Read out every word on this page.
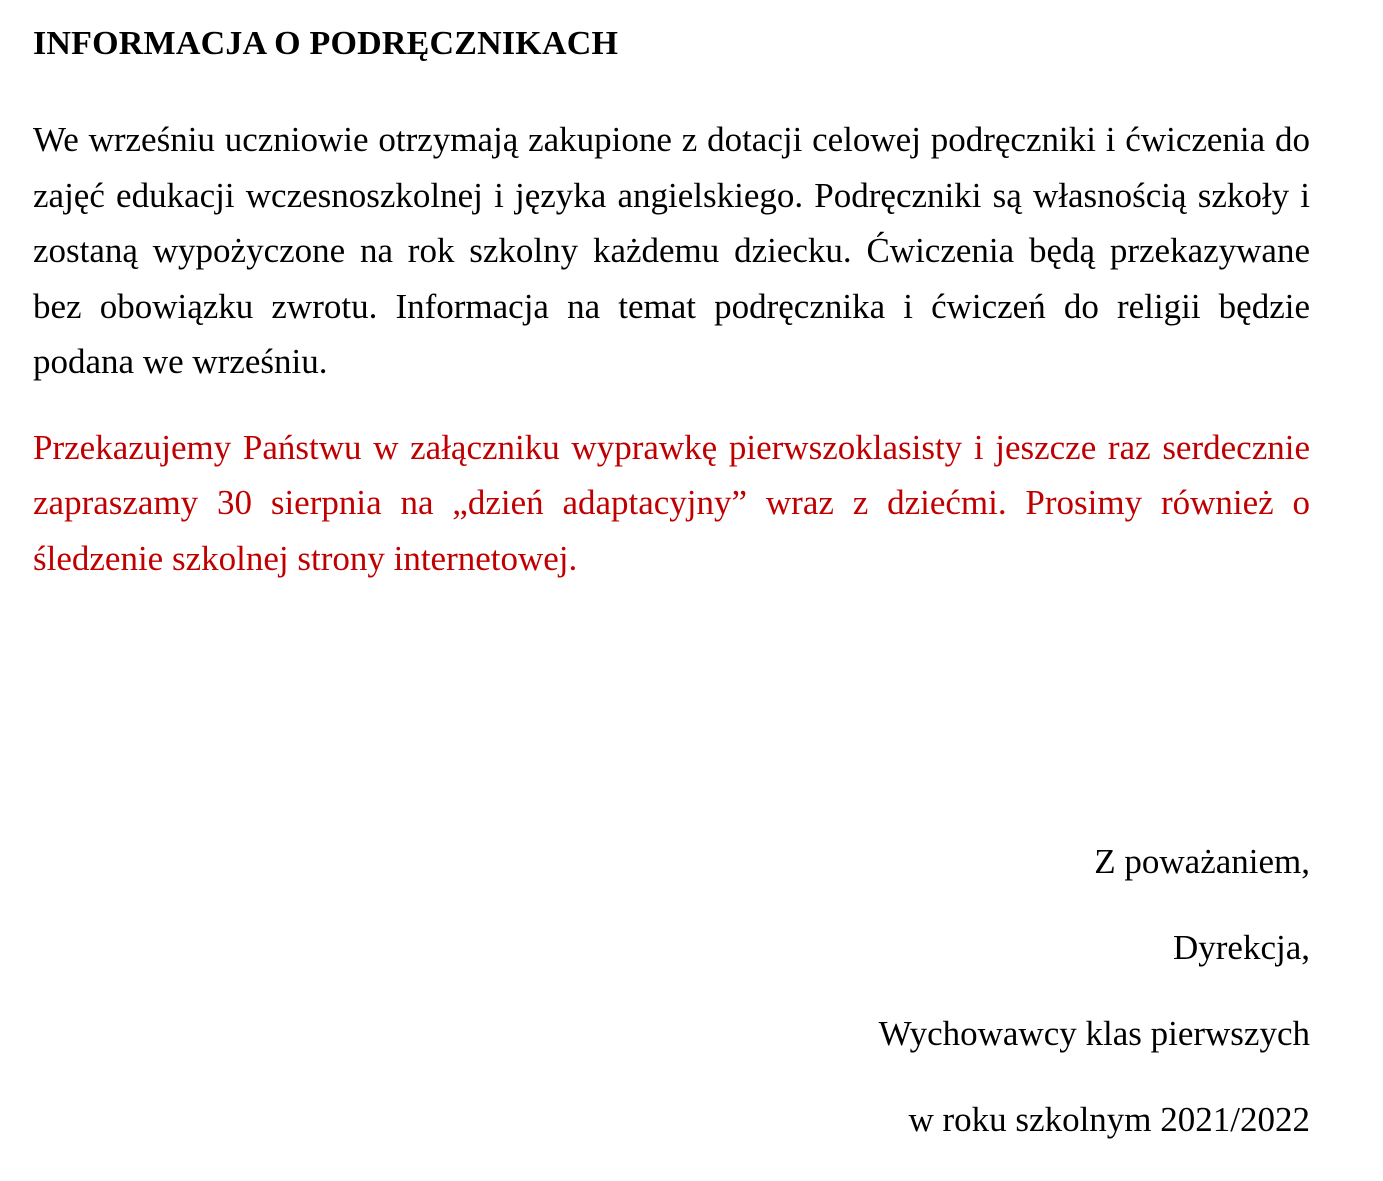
INFORMACJA O PODRĘCZNIKACH

We wrześniu uczniowie otrzymają zakupione z dotacji celowej podręczniki i ćwiczenia do zajęć edukacji wczesnoszkolnej i języka angielskiego. Podręczniki są własnością szkoły i zostaną wypożyczone na rok szkolny każdemu dziecku. Ćwiczenia będą przekazywane bez obowiązku zwrotu. Informacja na temat podręcznika i ćwiczeń do religii będzie podana we wrześniu.

Przekazujemy Państwu w załączniku wyprawkę pierwszoklasisty i jeszcze raz serdecznie zapraszamy 30 sierpnia na „dzień adaptacyjny” wraz z dziećmi. Prosimy również o śledzenie szkolnej strony internetowej.

Z poważaniem,
Dyrekcja,
Wychowawcy klas pierwszych
w roku szkolnym 2021/2022
